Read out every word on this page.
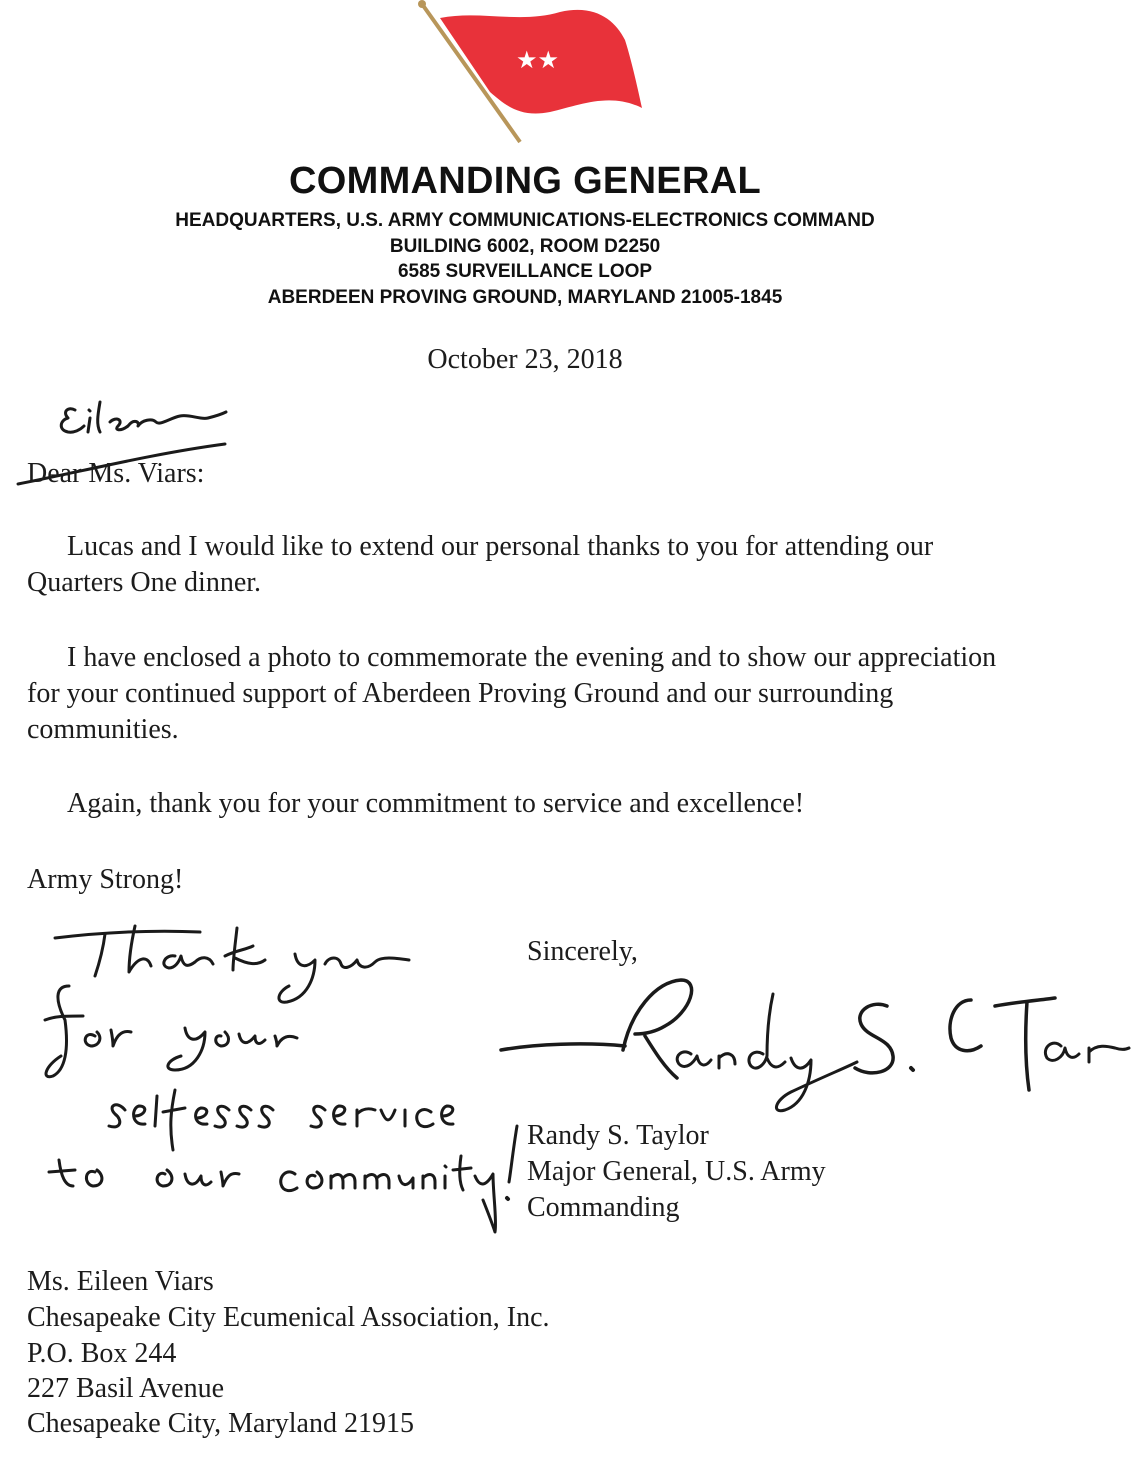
★★
COMMANDING GENERAL
HEADQUARTERS, U.S. ARMY COMMUNICATIONS-ELECTRONICS COMMAND
BUILDING 6002, ROOM D2250
6585 SURVEILLANCE LOOP
ABERDEEN PROVING GROUND, MARYLAND 21005-1845
October 23, 2018
Dear Ms. Viars:
Lucas and I would like to extend our personal thanks to you for attending our Quarters One dinner.
I have enclosed a photo to commemorate the evening and to show our appreciation for your continued support of Aberdeen Proving Ground and our surrounding communities.
Again, thank you for your commitment to service and excellence!
Army Strong!
Sincerely,
Randy S. Taylor
Major General, U.S. Army
Commanding
Ms. Eileen Viars
Chesapeake City Ecumenical Association, Inc.
P.O. Box 244
227 Basil Avenue
Chesapeake City, Maryland 21915
